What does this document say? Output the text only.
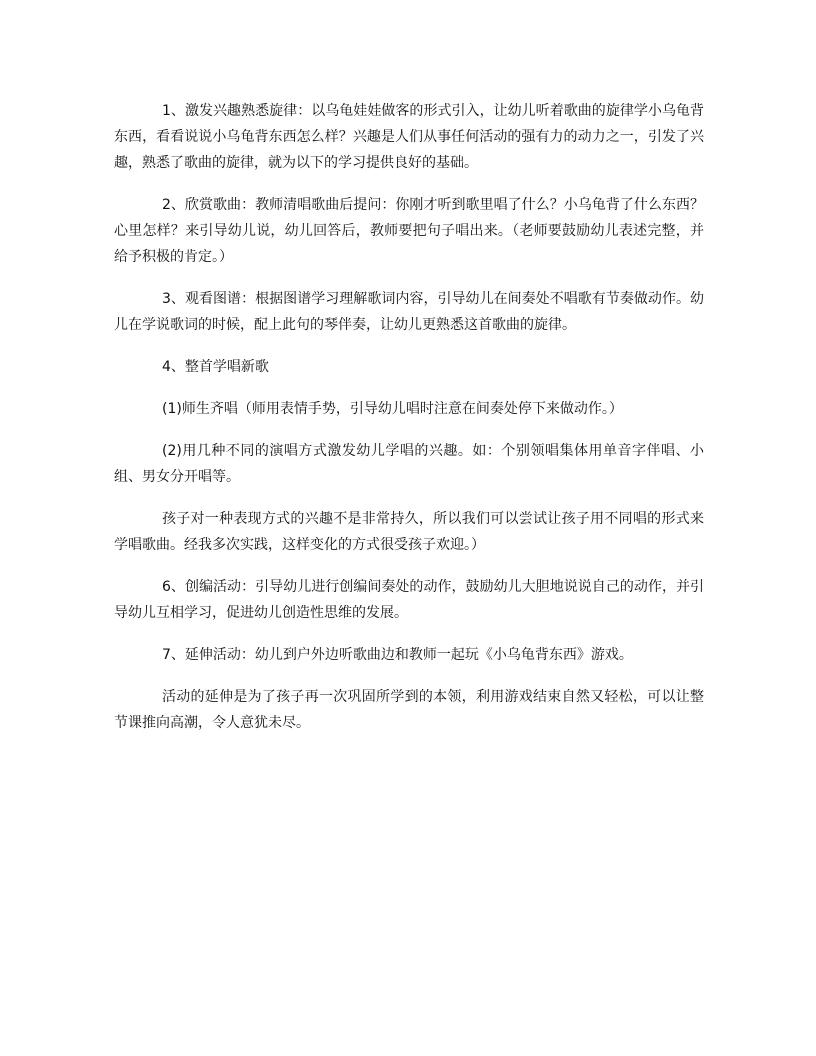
1、激发兴趣熟悉旋律：以乌龟娃娃做客的形式引入，让幼儿听着歌曲的旋律学小乌龟背东西，看看说说小乌龟背东西怎么样？兴趣是人们从事任何活动的强有力的动力之一，引发了兴趣，熟悉了歌曲的旋律，就为以下的学习提供良好的基础。

2、欣赏歌曲：教师清唱歌曲后提问：你刚才听到歌里唱了什么？小乌龟背了什么东西？心里怎样？来引导幼儿说，幼儿回答后，教师要把句子唱出来。（老师要鼓励幼儿表述完整，并给予积极的肯定。）

3、观看图谱：根据图谱学习理解歌词内容，引导幼儿在间奏处不唱歌有节奏做动作。幼儿在学说歌词的时候，配上此句的琴伴奏，让幼儿更熟悉这首歌曲的旋律。

4、整首学唱新歌

(1)师生齐唱（师用表情手势，引导幼儿唱时注意在间奏处停下来做动作。）

(2)用几种不同的演唱方式激发幼儿学唱的兴趣。如：个别领唱集体用单音字伴唱、小组、男女分开唱等。

孩子对一种表现方式的兴趣不是非常持久，所以我们可以尝试让孩子用不同唱的形式来学唱歌曲。经我多次实践，这样变化的方式很受孩子欢迎。）

6、创编活动：引导幼儿进行创编间奏处的动作，鼓励幼儿大胆地说说自己的动作，并引导幼儿互相学习，促进幼儿创造性思维的发展。

7、延伸活动：幼儿到户外边听歌曲边和教师一起玩《小乌龟背东西》游戏。

活动的延伸是为了孩子再一次巩固所学到的本领，利用游戏结束自然又轻松，可以让整节课推向高潮，令人意犹未尽。
